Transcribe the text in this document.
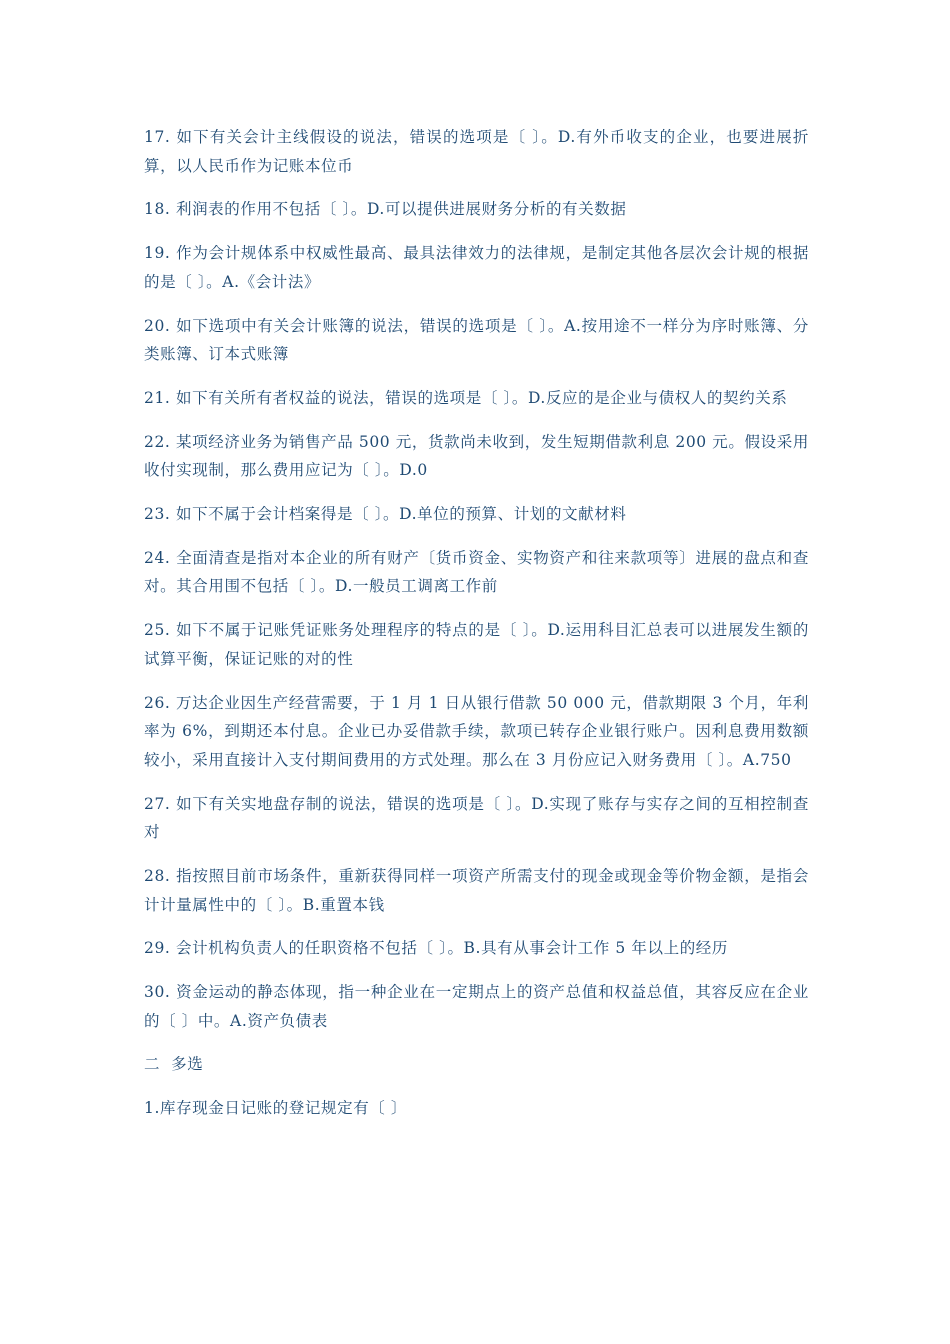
17. 如下有关会计主线假设的说法，错误的选项是〔 〕。D.有外币收支的企业，也要进展折算，以人民币作为记账本位币

18. 利润表的作用不包括〔 〕。D.可以提供进展财务分析的有关数据

19. 作为会计规体系中权威性最高、最具法律效力的法律规，是制定其他各层次会计规的根据的是〔 〕。A.《会计法》

20. 如下选项中有关会计账簿的说法，错误的选项是〔 〕。A.按用途不一样分为序时账簿、分类账簿、订本式账簿

21. 如下有关所有者权益的说法，错误的选项是〔 〕。D.反应的是企业与债权人的契约关系

22. 某项经济业务为销售产品 500 元，货款尚未收到，发生短期借款利息 200 元。假设采用收付实现制，那么费用应记为〔 〕。D.0

23. 如下不属于会计档案得是〔 〕。D.单位的预算、计划的文献材料

24. 全面清查是指对本企业的所有财产〔货币资金、实物资产和往来款项等〕进展的盘点和查对。其合用围不包括〔 〕。D.一般员工调离工作前

25. 如下不属于记账凭证账务处理程序的特点的是〔 〕。D.运用科目汇总表可以进展发生额的试算平衡，保证记账的对的性

26. 万达企业因生产经营需要，于 1 月 1 日从银行借款 50 000 元，借款期限 3 个月，年利率为 6%，到期还本付息。企业已办妥借款手续，款项已转存企业银行账户。因利息费用数额较小，采用直接计入支付期间费用的方式处理。那么在 3 月份应记入财务费用〔 〕。A.750

27. 如下有关实地盘存制的说法，错误的选项是〔 〕。D.实现了账存与实存之间的互相控制查对

28. 指按照目前市场条件，重新获得同样一项资产所需支付的现金或现金等价物金额，是指会计计量属性中的〔 〕。B.重置本钱

29. 会计机构负责人的任职资格不包括〔 〕。B.具有从事会计工作 5 年以上的经历

30. 资金运动的静态体现，指一种企业在一定期点上的资产总值和权益总值，其容反应在企业的〔 〕中。A.资产负债表

二  多选

1.库存现金日记账的登记规定有〔 〕
